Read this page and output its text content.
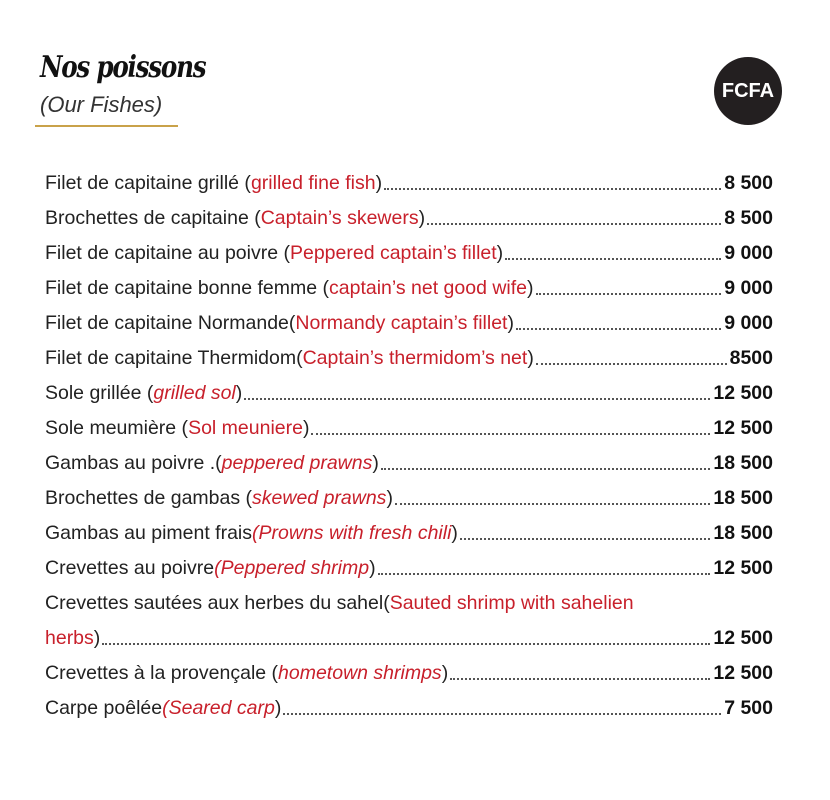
Nos poissons
(Our Fishes)
FCFA
Filet de capitaine grillé ( grilled fine fish )	8 500
Brochettes de capitaine ( Captain’s skewers )	8 500
Filet de capitaine au poivre ( Peppered captain’s fillet )	9 000
Filet de capitaine bonne femme ( captain’s net good wife )	9 000
Filet de capitaine Normande( Normandy captain’s fillet )	9 000
Filet de capitaine Thermidom( Captain’s thermidom’s net )	8500
Sole grillée ( grilled sol )	12 500
Sole meumière ( Sol meuniere )	12 500
Gambas au poivre .( peppered prawns )	18 500
Brochettes de gambas ( skewed prawns )	18 500
Gambas au piment frais (Prowns with fresh chili )	18 500
Crevettes au poivre (Peppered shrimp )	12 500
Crevettes sautées aux herbes du sahel( Sauted shrimp with sahelien
herbs )	12 500
Crevettes à la provençale ( hometown shrimps )	12 500
Carpe poêlée (Seared carp )	7 500
